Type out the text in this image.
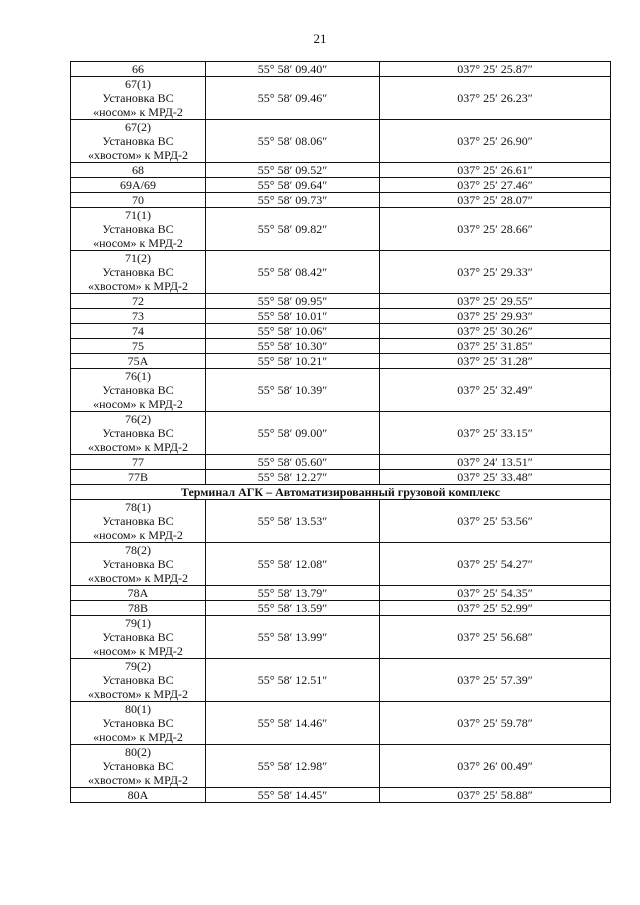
21
66	55° 58′ 09.40″	037° 25′ 25.87″

67(1)
Установка ВС
«носом» к МРД-2	55° 58′ 09.46″	037° 25′ 26.23″

67(2)
Установка ВС
«хвостом» к МРД-2	55° 58′ 08.06″	037° 25′ 26.90″

68	55° 58′ 09.52″	037° 25′ 26.61″

69A/69	55° 58′ 09.64″	037° 25′ 27.46″

70	55° 58′ 09.73″	037° 25′ 28.07″

71(1)
Установка ВС
«носом» к МРД-2	55° 58′ 09.82″	037° 25′ 28.66″

71(2)
Установка ВС
«хвостом» к МРД-2	55° 58′ 08.42″	037° 25′ 29.33″

72	55° 58′ 09.95″	037° 25′ 29.55″

73	55° 58′ 10.01″	037° 25′ 29.93″

74	55° 58′ 10.06″	037° 25′ 30.26″

75	55° 58′ 10.30″	037° 25′ 31.85″

75A	55° 58′ 10.21″	037° 25′ 31.28″

76(1)
Установка ВС
«носом» к МРД-2	55° 58′ 10.39″	037° 25′ 32.49″

76(2)
Установка ВС
«хвостом» к МРД-2	55° 58′ 09.00″	037° 25′ 33.15″

77	55° 58′ 05.60″	037° 24′ 13.51″

77B	55° 58′ 12.27″	037° 25′ 33.48″
Терминал АГК – Автоматизированный грузовой комплекс		

78(1)
Установка ВС
«носом» к МРД-2	55° 58′ 13.53″	037° 25′ 53.56″

78(2)
Установка ВС
«хвостом» к МРД-2	55° 58′ 12.08″	037° 25′ 54.27″

78A	55° 58′ 13.79″	037° 25′ 54.35″

78B	55° 58′ 13.59″	037° 25′ 52.99″

79(1)
Установка ВС
«носом» к МРД-2	55° 58′ 13.99″	037° 25′ 56.68″

79(2)
Установка ВС
«хвостом» к МРД-2	55° 58′ 12.51″	037° 25′ 57.39″

80(1)
Установка ВС
«носом» к МРД-2	55° 58′ 14.46″	037° 25′ 59.78″

80(2)
Установка ВС
«хвостом» к МРД-2	55° 58′ 12.98″	037° 26′ 00.49″

80A	55° 58′ 14.45″	037° 25′ 58.88″
